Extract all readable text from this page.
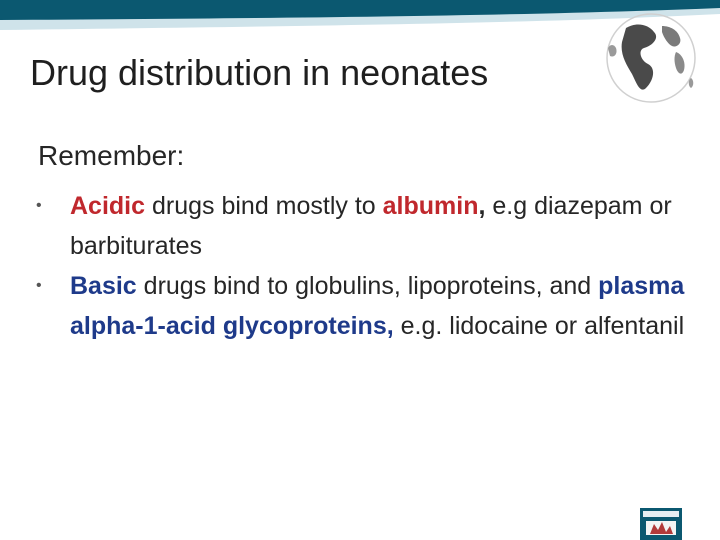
Drug distribution in neonates
Remember:
• Acidic drugs bind mostly to albumin, e.g diazepam or barbiturates
• Basic drugs bind to globulins, lipoproteins, and plasma alpha-1-acid glycoproteins, e.g. lidocaine or alfentanil
